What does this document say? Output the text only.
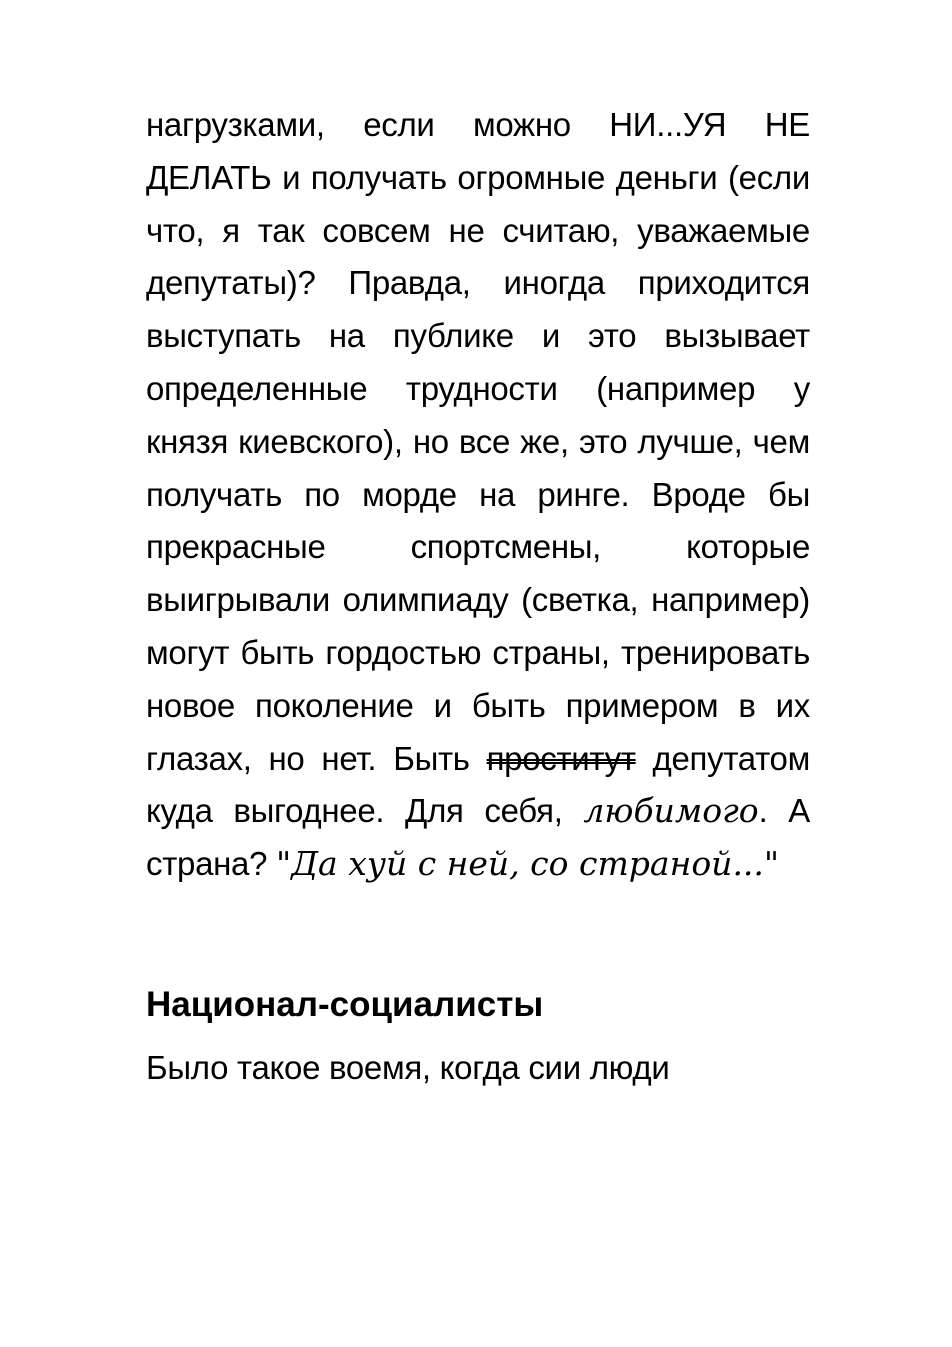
нагрузками, если можно НИ...УЯ НЕ ДЕЛАТЬ и получать огромные деньги (если что, я так совсем не считаю, уважаемые депутаты)? Правда, иногда приходится выступать на публике и это вызывает определенные трудности (например у князя киевского), но все же, это лучше, чем получать по морде на ринге. Вроде бы прекрасные спортсмены, которые выигрывали олимпиаду (светка, например) могут быть гордостью страны, тренировать новое поколение и быть примером в их глазах, но нет. Быть проститут депутатом куда выгоднее. Для себя, любимого. А страна? "Да хуй с ней, со страной..."

Национал-социалисты

Было такое воемя, когда сии люди
